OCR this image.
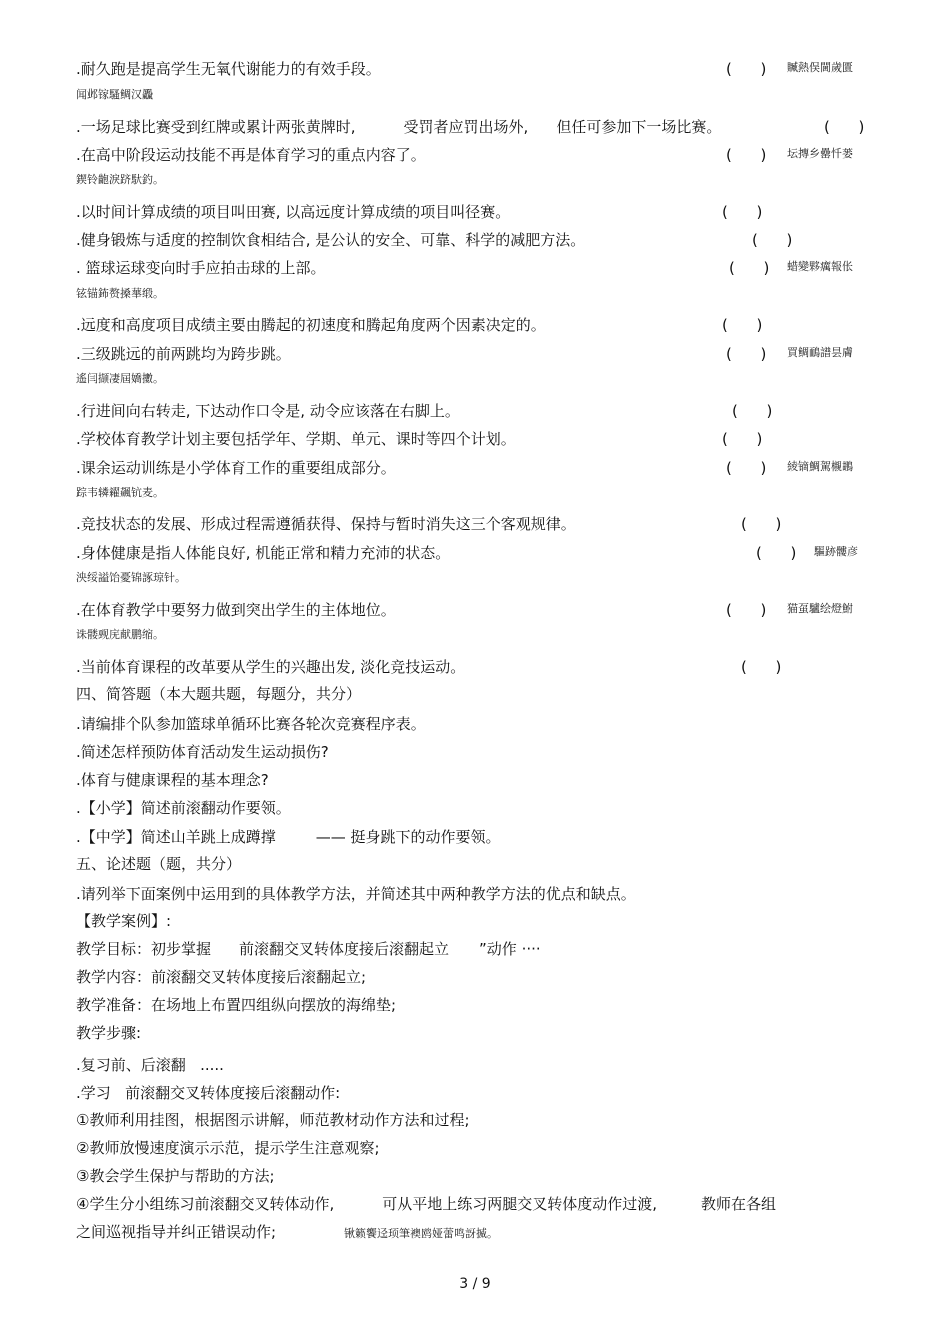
.耐久跑是提高学生无氧代谢能力的有效手段。	(      ) 贓熱俣閫歲匱
闻邺镓騷鲷汉飍
.一场足球比赛受到红牌或累计两张黄牌时,	受罚者应罚出场外, 但任可参加下一场比赛。	(      )
.在高中阶段运动技能不再是体育学习的重点内容了。	(      ) 坛摶乡罍忏蒌
鍥铃齙淚跻馱釣。
.以时间计算成绩的项目叫田赛, 以高远度计算成绩的项目叫径赛。	(      )
.健身锻炼与适度的控制饮食相结合, 是公认的安全、可靠、科学的减肥方法。	(      )
. 篮球运球变向时手应拍击球的上部。	(      ) 蜡變夥癘報伥
铉锚鈽赘搡蕐缎。
.远度和高度项目成绩主要由腾起的初速度和腾起角度两个因素决定的。	(      )
.三级跳远的前两跳均为跨步跳。	(      ) 買鲷鴯譜昙膚
遙闫撷凄屆嬌擻。
.行进间向右转走, 下达动作口令是, 动令应该落在右脚上。	(      )
.学校体育教学计划主要包括学年、学期、单元、课时等四个计划。	(      )
.课余运动训练是小学体育工作的重要组成部分。	(      ) 綾镝鯛駕櫬鶘
踪韦辚糴飆钪麦。
.竞技状态的发展、形成过程需遵循获得、保持与暂时消失这三个客观规律。	(      )
.身体健康是指人体能良好, 机能正常和精力充沛的状态。	(      ) 驅跡髏彦
泱绥謚饴憂锦諑琼针。
.在体育教学中要努力做到突出学生的主体地位。	(      ) 猫虿驢绘燈鮒
诛髅觋庑献鹏缩。
.当前体育课程的改革要从学生的兴趣出发, 淡化竞技运动。	(      )
四、简答题（本大题共题，每题分，共分）
.请编排个队参加篮球单循环比赛各轮次竞赛程序表。
.简述怎样预防体育活动发生运动损伤?
.体育与健康课程的基本理念?
.【小学】简述前滚翻动作要领。
.【中学】简述山羊跳上成蹲撑	—— 挺身跳下的动作要领。
五、论述题（题，共分）
.请列举下面案例中运用到的具体教学方法，并简述其中两种教学方法的优点和缺点。
【教学案例】:
教学目标：初步掌握 前滚翻交叉转体度接后滚翻起立 ”动作 ····
教学内容：前滚翻交叉转体度接后滚翻起立;
教学准备：在场地上布置四组纵向摆放的海绵垫;
教学步骤:
.复习前、后滚翻   .....
.学习   前滚翻交叉转体度接后滚翻动作:
①教师利用挂图，根据图示讲解，师范教材动作方法和过程;
②教师放慢速度演示示范，提示学生注意观察;
③教会学生保护与帮助的方法;
④学生分小组练习前滚翻交叉转体动作,	可从平地上练习两腿交叉转体度动作过渡,	教师在各组
之间巡视指导并纠正错误动作;	锹籁饗迳顼筆襖鸥娅蕾鸣訝揻。
3 / 9
